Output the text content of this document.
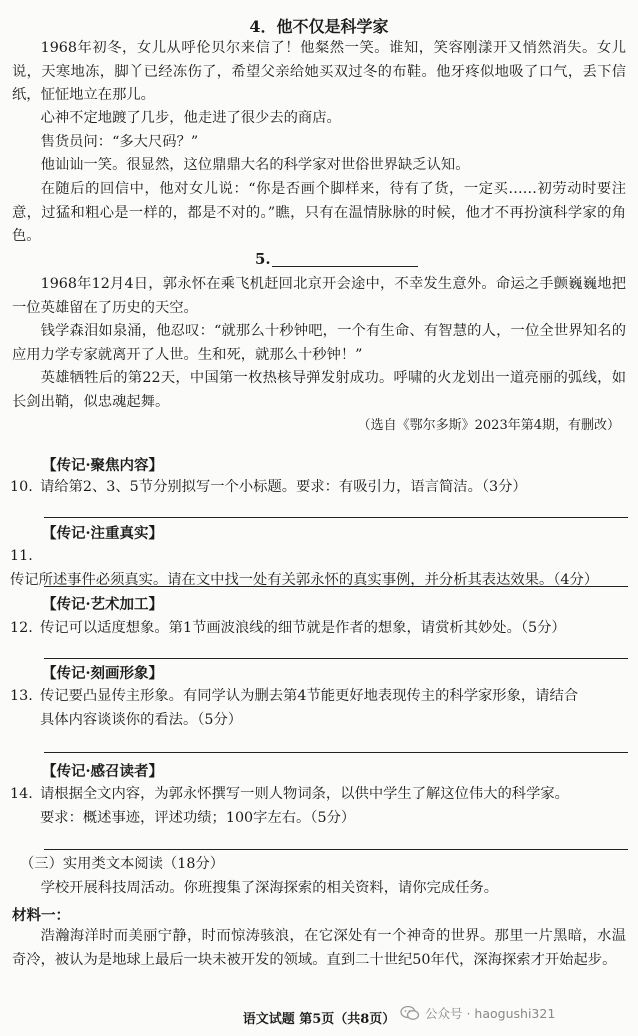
4．他不仅是科学家

1968年初冬，女儿从呼伦贝尔来信了！他粲然一笑。谁知，笑容刚漾开又悄然消失。女儿说，天寒地冻，脚丫已经冻伤了，希望父亲给她买双过冬的布鞋。他牙疼似地吸了口气，丢下信纸，怔怔地立在那儿。

心神不定地踱了几步，他走进了很少去的商店。

售货员问：“多大尺码？”

他讪讪一笑。很显然，这位鼎鼎大名的科学家对世俗世界缺乏认知。

在随后的回信中，他对女儿说：“你是否画个脚样来，待有了货，一定买……初劳动时要注意，过猛和粗心是一样的，都是不对的。”瞧，只有在温情脉脉的时候，他才不再扮演科学家的角色。

5.

1968年12月4日，郭永怀在乘飞机赶回北京开会途中，不幸发生意外。命运之手颤巍巍地把一位英雄留在了历史的天空。

钱学森泪如泉涌，他忍叹：“就那么十秒钟吧，一个有生命、有智慧的人，一位全世界知名的应用力学专家就离开了人世。生和死，就那么十秒钟！”

英雄牺牲后的第22天，中国第一枚热核导弹发射成功。呼啸的火龙划出一道亮丽的弧线，如长剑出鞘，似忠魂起舞。

（选自《鄂尔多斯》2023年第4期，有删改）
【传记·聚焦内容】

10. 请给第2、3、5节分别拟写一个小标题。要求：有吸引力，语言简洁。（3分）

【传记·注重真实】

11.传记所述事件必须真实。请在文中找一处有关郭永怀的真实事例，并分析其表达效果。（4分）

【传记·艺术加工】

12. 传记可以适度想象。第1节画波浪线的细节就是作者的想象，请赏析其妙处。（5分）

【传记·刻画形象】

13. 传记要凸显传主形象。有同学认为删去第4节能更好地表现传主的科学家形象，请结合
具体内容谈谈你的看法。（5分）

【传记·感召读者】

14. 请根据全文内容，为郭永怀撰写一则人物词条，以供中学生了解这位伟大的科学家。
要求：概述事迹，评述功绩；100字左右。（5分）

（三）实用类文本阅读（18分）

学校开展科技周活动。你班搜集了深海探索的相关资料，请你完成任务。

材料一：

浩瀚海洋时而美丽宁静，时而惊涛骇浪，在它深处有一个神奇的世界。那里一片黑暗，水温奇冷，被认为是地球上最后一块未被开发的领域。直到二十世纪50年代，深海探索才开始起步。

语文试题 第5页（共8页）	公众号 · haogushi321
